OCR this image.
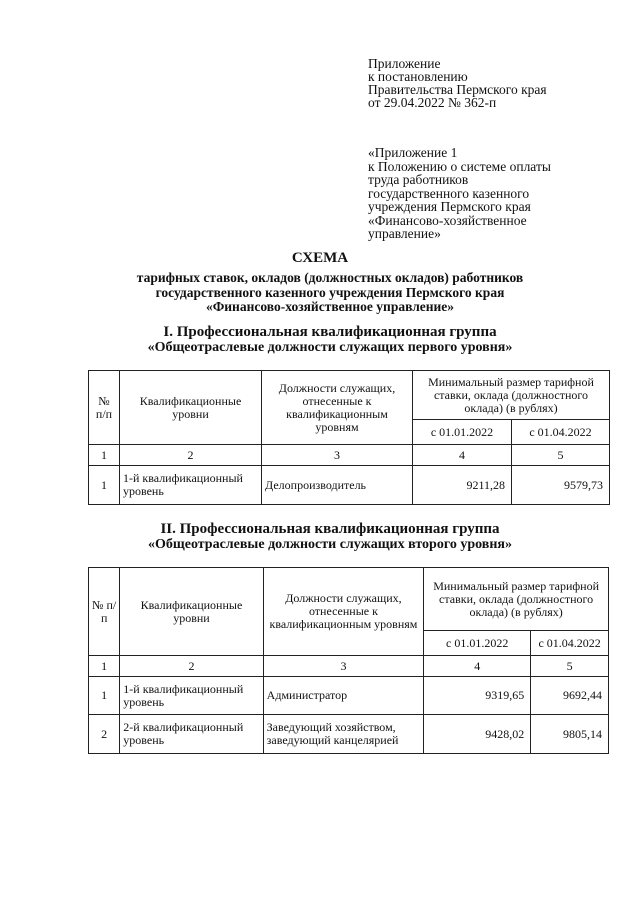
Приложение
к постановлению
Правительства Пермского края
от 29.04.2022 № 362-п
«Приложение 1
к Положению о системе оплаты
труда работников
государственного казенного
учреждения Пермского края
«Финансово-хозяйственное
управление»
СХЕМА
тарифных ставок, окладов (должностных окладов) работников
государственного казенного учреждения Пермского края
«Финансово-хозяйственное управление»
I. Профессиональная квалификационная группа
«Общеотраслевые должности служащих первого уровня»
№ п/п	Квалификационные уровни	Должности служащих, отнесенные к квалификационным уровням	Минимальный размер тарифной ставки, оклада (должностного оклада) (в рублях)	
			с 01.01.2022	с 01.04.2022
1	2	3	4	5
1	1-й квалификационный уровень	Делопроизводитель	9211,28	9579,73
II. Профессиональная квалификационная группа
«Общеотраслевые должности служащих второго уровня»
№ п/п	Квалификационные уровни	Должности служащих, отнесенные к квалификационным уровням	Минимальный размер тарифной ставки, оклада (должностного оклада) (в рублях)	
			с 01.01.2022	с 01.04.2022
1	2	3	4	5
1	1-й квалификационный уровень	Администратор	9319,65	9692,44
2	2-й квалификационный уровень	Заведующий хозяйством, заведующий канцелярией	9428,02	9805,14
